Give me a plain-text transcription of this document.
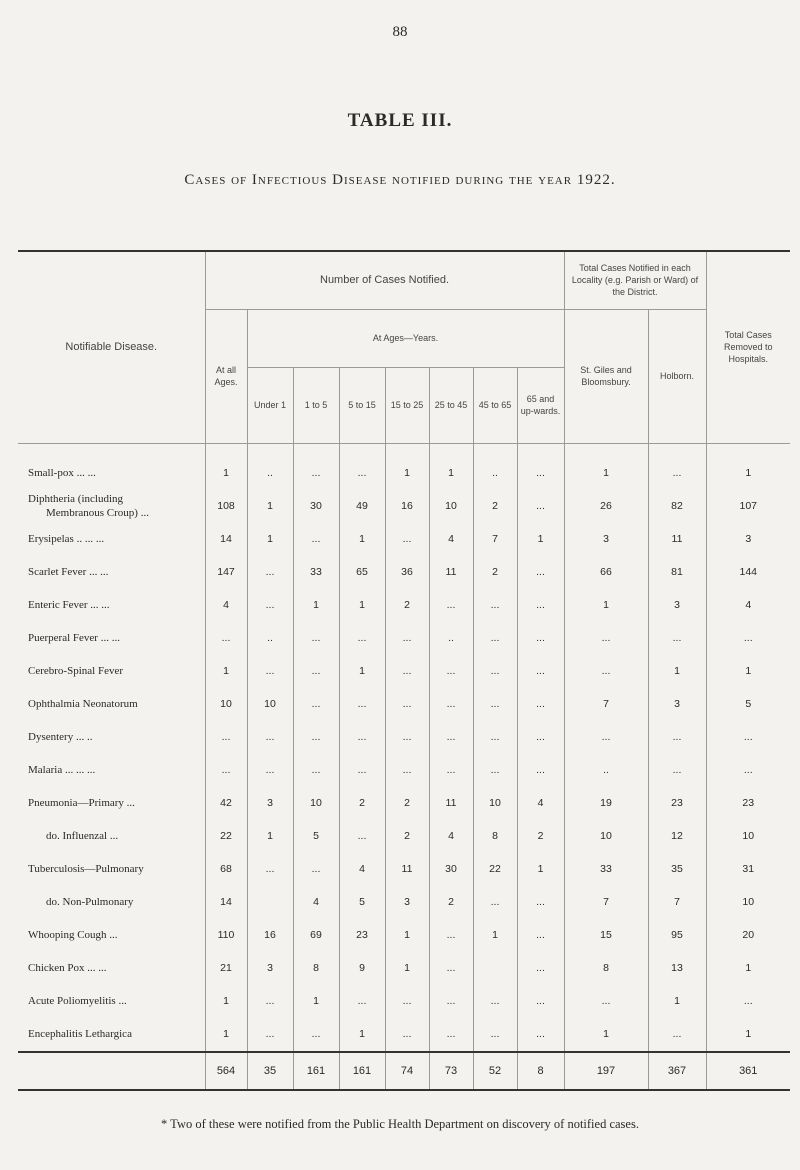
88
TABLE III.
Cases of Infectious Disease notified during the year 1922.
Notifiable Disease.	Number of Cases Notified.								Total Cases Notified in each Locality (e.g. Parish or Ward) of the District.		Total Cases Removed to Hospitals.
	At all Ages.	At Ages—Years.							St. Giles and Bloomsbury.	Holborn.	
		Under 1	1 to 5	5 to 15	15 to 25	25 to 45	45 to 65	65 and up-wards.			
Small-pox ... ...	1	..	...	...	1	1	..	...	1	...	1

Diphtheria (including
Membranous Croup) ...	108	1	30	49	16	10	2	...	26	82	107
Erysipelas .. ... ...	14	1	...	1	...	4	7	1	3	11	3
Scarlet Fever ... ...	147	...	33	65	36	11	2	...	66	81	144
Enteric Fever ... ...	4	...	1	1	2	...	...	...	1	3	4
Puerperal Fever ... ...	...	..	...	...	...	..	...	...	...	...	...
Cerebro-Spinal Fever	1	...	...	1	...	...	...	...	...	1	1
Ophthalmia Neonatorum	10	10	...	...	...	...	...	...	7	3	5
Dysentery ... ..	...	...	...	...	...	...	...	...	...	...	...
Malaria ... ... ...	...	...	...	...	...	...	...	...	..	...	...
Pneumonia—Primary ...	42	3	10	2	2	11	10	4	19	23	23
do. Influenzal ...	22	1	5	...	2	4	8	2	10	12	10
Tuberculosis—Pulmonary	68	...	...	4	11	30	22	1	33	35	31
do. Non-Pulmonary	14		4	5	3	2	...	...	7	7	10
Whooping Cough ...	110	16	69	23	1	...	1	...	15	95	20
Chicken Pox ... ...	21	3	8	9	1	...		...	8	13	1
Acute Poliomyelitis ...	1	...	1	...	...	...	...	...	...	1	...
Encephalitis Lethargica	1	...	...	1	...	...	...	...	1	...	1
	564	35	161	161	74	73	52	8	197	367	361
* Two of these were notified from the Public Health Department on discovery of notified cases.
